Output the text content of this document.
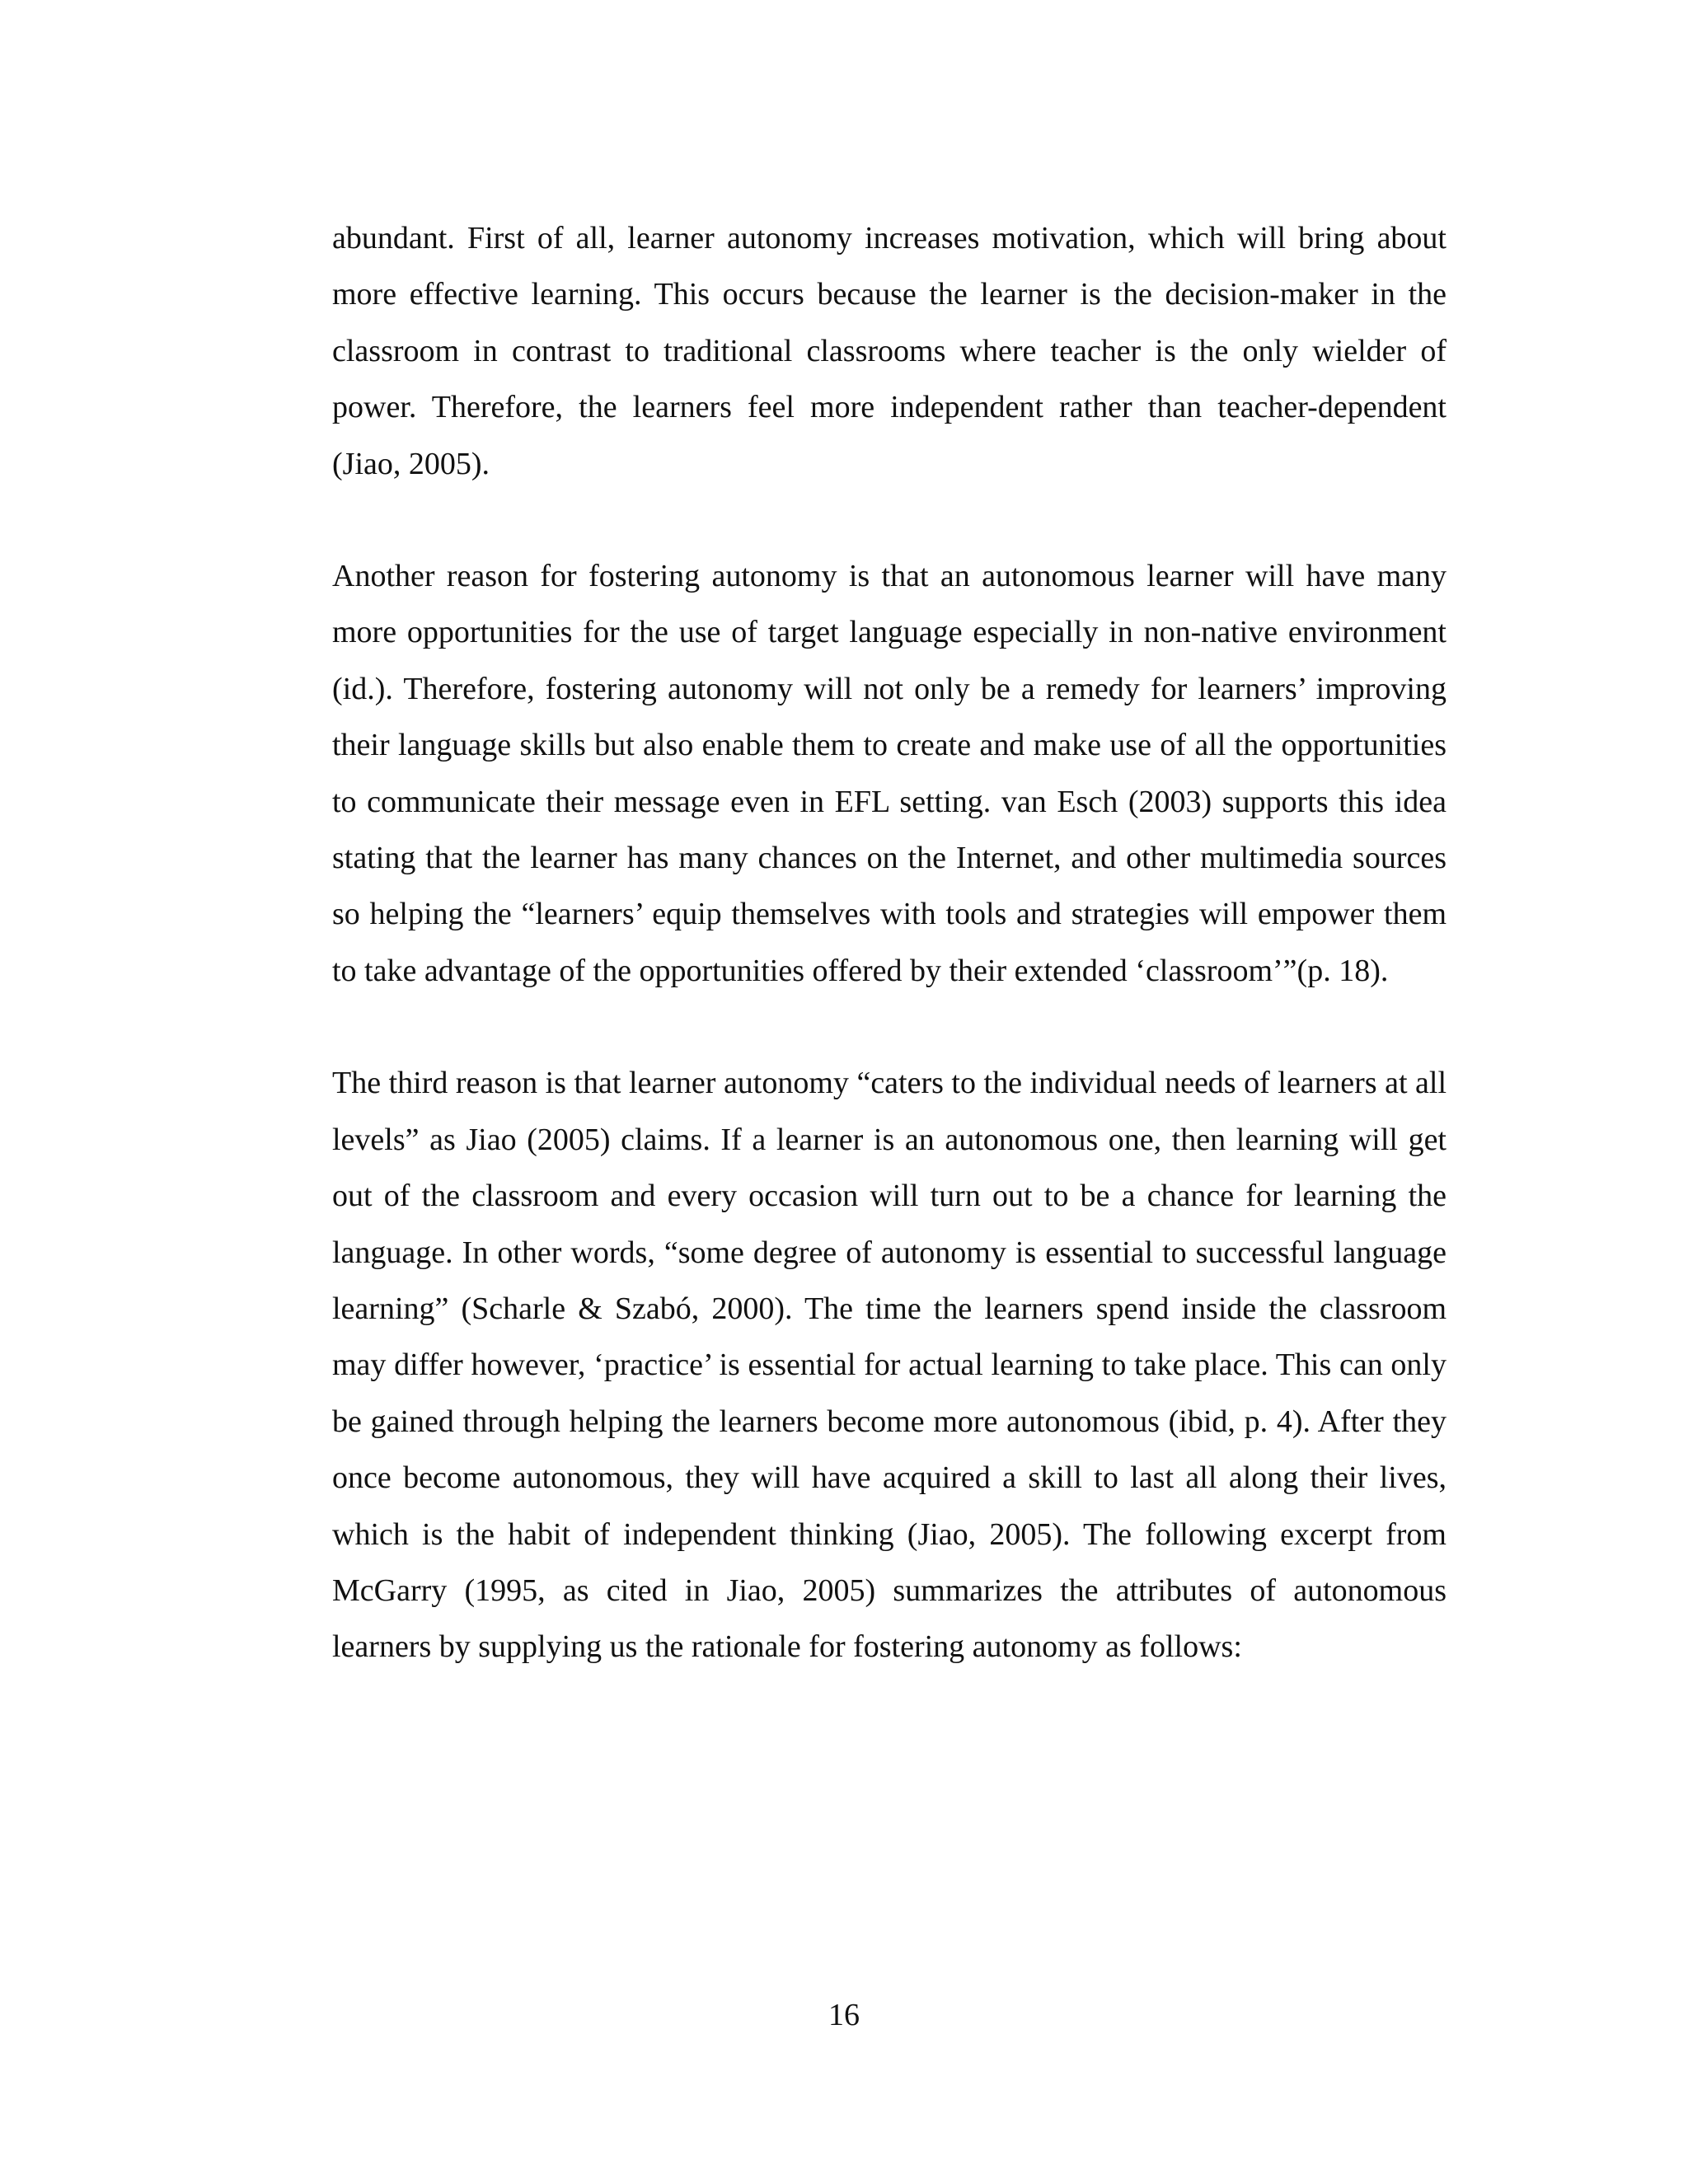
abundant. First of all, learner autonomy increases motivation, which will bring about more effective learning. This occurs because the learner is the decision-maker in the classroom in contrast to traditional classrooms where teacher is the only wielder of power. Therefore, the learners feel more independent rather than teacher-dependent (Jiao, 2005).

Another reason for fostering autonomy is that an autonomous learner will have many more opportunities for the use of target language especially in non-native environment (id.). Therefore, fostering autonomy will not only be a remedy for learners’ improving their language skills but also enable them to create and make use of all the opportunities to communicate their message even in EFL setting. van Esch (2003) supports this idea stating that the learner has many chances on the Internet, and other multimedia sources so helping the “learners’ equip themselves with tools and strategies will empower them to take advantage of the opportunities offered by their extended ‘classroom’”(p. 18).

The third reason is that learner autonomy “caters to the individual needs of learners at all levels” as Jiao (2005) claims. If a learner is an autonomous one, then learning will get out of the classroom and every occasion will turn out to be a chance for learning the language. In other words, “some degree of autonomy is essential to successful language learning” (Scharle & Szabó, 2000). The time the learners spend inside the classroom may differ however, ‘practice’ is essential for actual learning to take place. This can only be gained through helping the learners become more autonomous (ibid, p. 4). After they once become autonomous, they will have acquired a skill to last all along their lives, which is the habit of independent thinking (Jiao, 2005). The following excerpt from McGarry (1995, as cited in Jiao, 2005) summarizes the attributes of autonomous learners by supplying us the rationale for fostering autonomy as follows:

16
